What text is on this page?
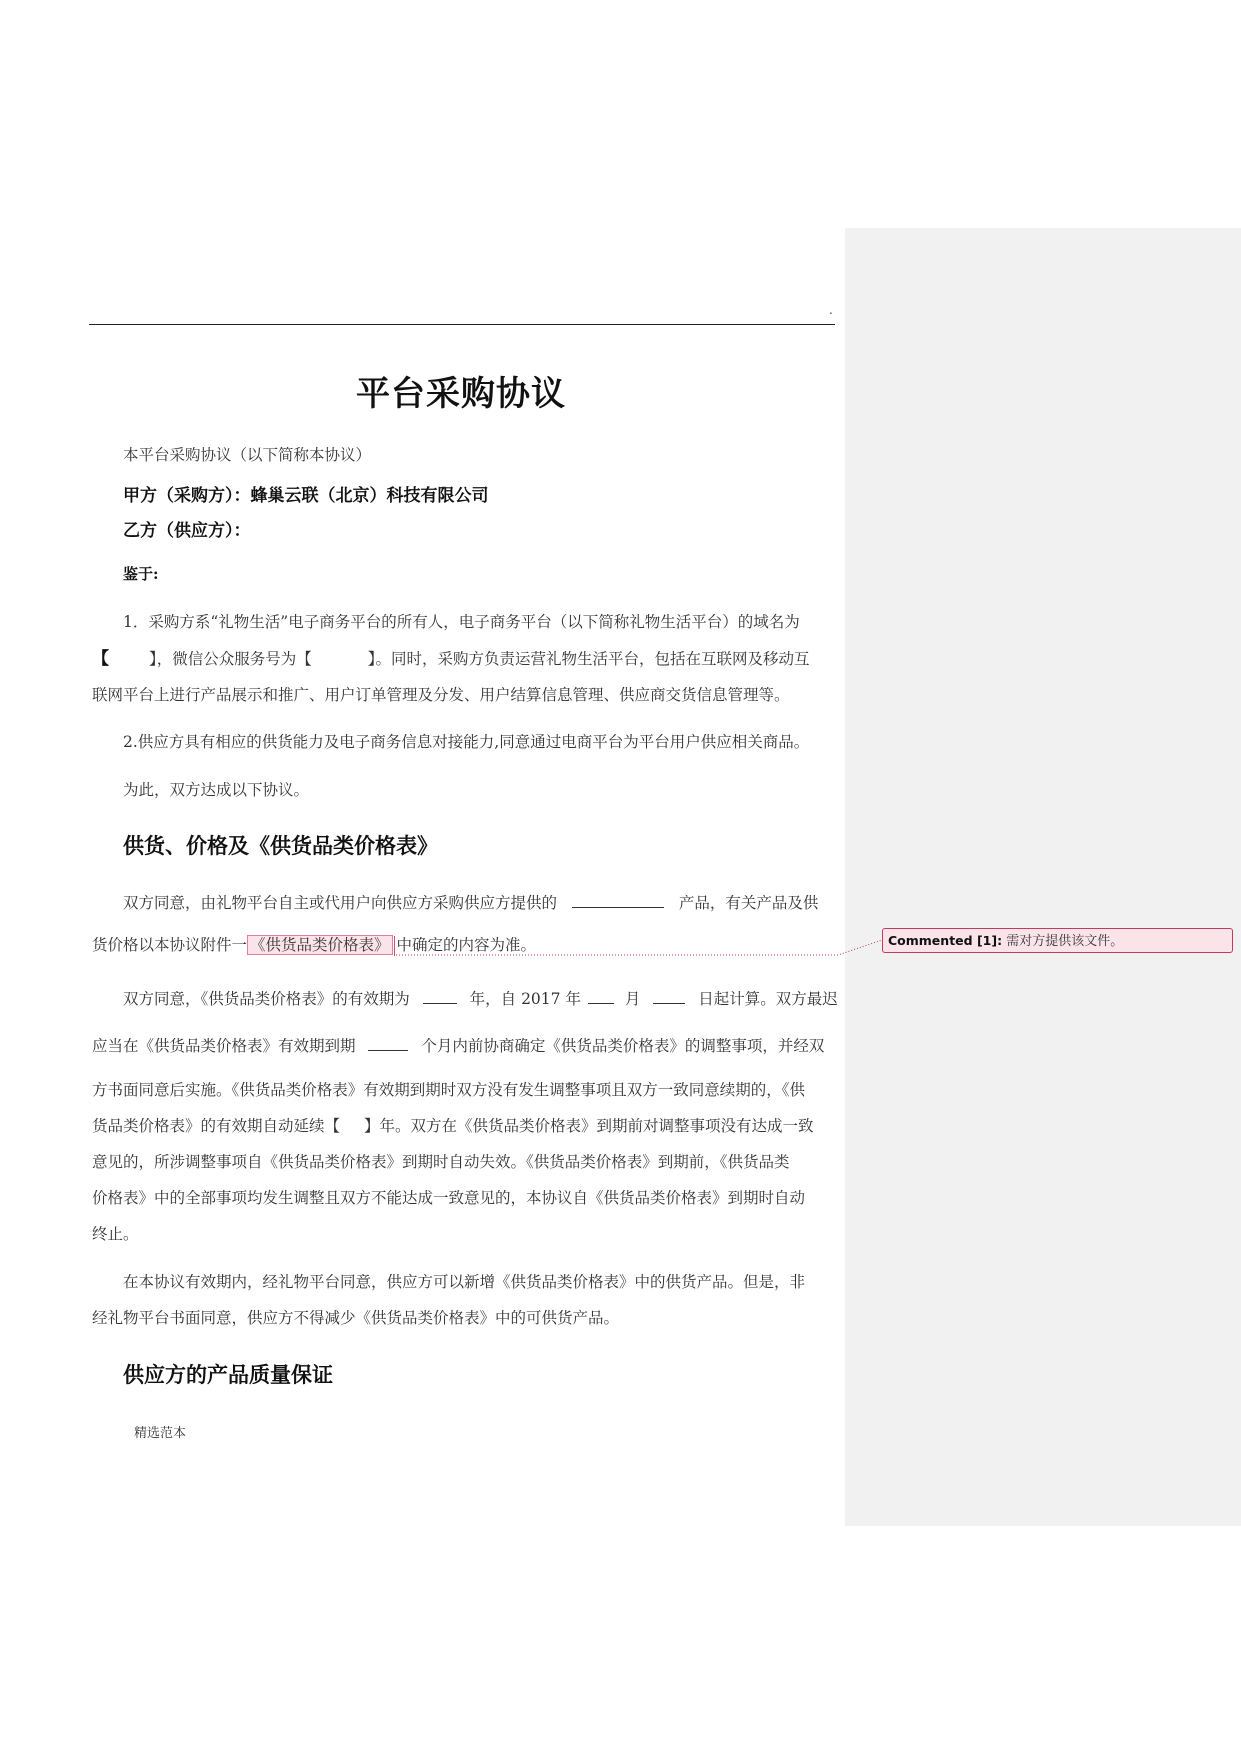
.
平台采购协议
本平台采购协议（以下简称本协议）
甲方（采购方）：蜂巢云联（北京）科技有限公司
乙方（供应方）：
鉴于:
1．采购方系“礼物生活”电子商务平台的所有人，电子商务平台（以下简称礼物生活平台）的域名为
【	】，微信公众服务号为【	】。同时，采购方负责运营礼物生活平台，包括在互联网及移动互
联网平台上进行产品展示和推广、用户订单管理及分发、用户结算信息管理、供应商交货信息管理等。
2.供应方具有相应的供货能力及电子商务信息对接能力,同意通过电商平台为平台用户供应相关商品。
为此，双方达成以下协议。
供货、价格及《供货品类价格表》
双方同意，由礼物平台自主或代用户向供应方采购供应方提供的	产品，有关产品及供
货价格以本协议附件一 《供货品类价格表》 中确定的内容为准。
双方同意，《供货品类价格表》的有效期为	年，自 2017 年	月	日起计算。双方最迟
应当在《供货品类价格表》有效期到期	个月内前协商确定《供货品类价格表》的调整事项，并经双
方书面同意后实施。《供货品类价格表》有效期到期时双方没有发生调整事项且双方一致同意续期的，《供
货品类价格表》的有效期自动延续【 】年。双方在《供货品类价格表》到期前对调整事项没有达成一致
意见的，所涉调整事项自《供货品类价格表》到期时自动失效。《供货品类价格表》到期前，《供货品类
价格表》中的全部事项均发生调整且双方不能达成一致意见的，本协议自《供货品类价格表》到期时自动
终止。
在本协议有效期内，经礼物平台同意，供应方可以新增《供货品类价格表》中的供货产品。但是，非
经礼物平台书面同意，供应方不得减少《供货品类价格表》中的可供货产品。
供应方的产品质量保证
精选范本
Commented [1]: 需对方提供该文件。
